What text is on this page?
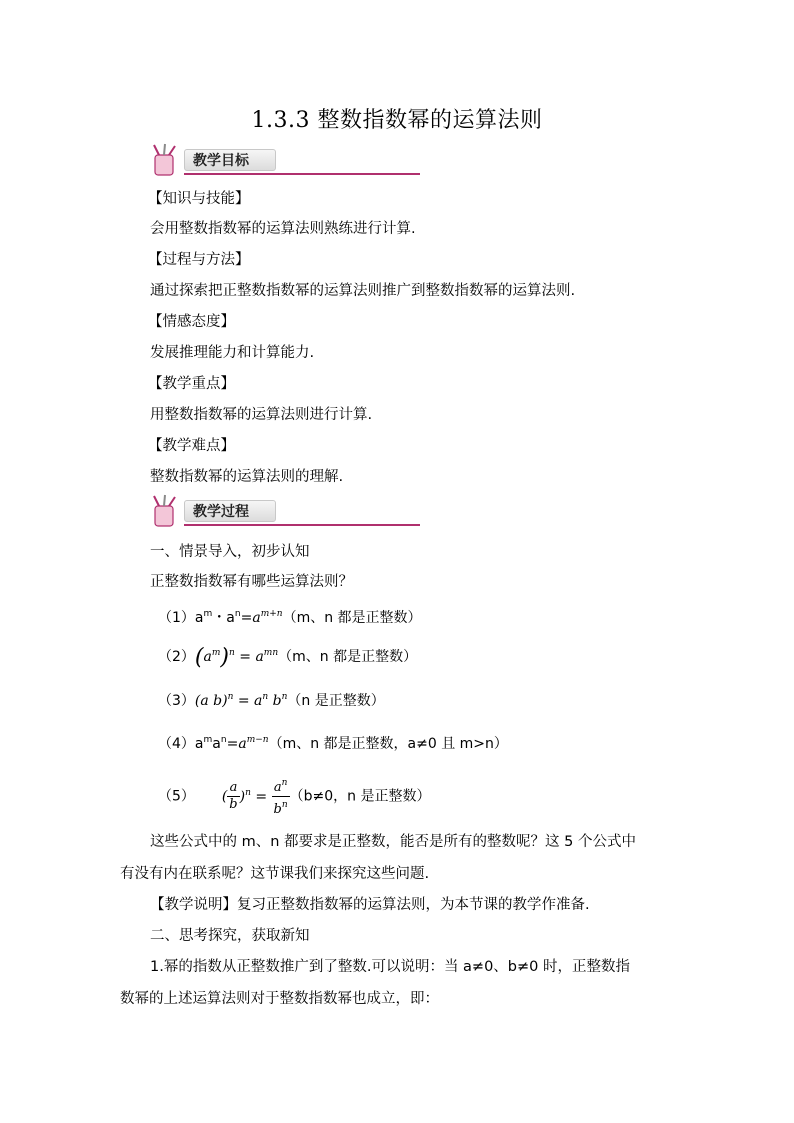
1.3.3 整数指数幂的运算法则
教学目标
【知识与技能】
会用整数指数幂的运算法则熟练进行计算.
【过程与方法】
通过探索把正整数指数幂的运算法则推广到整数指数幂的运算法则.
【情感态度】
发展推理能力和计算能力.
【教学重点】
用整数指数幂的运算法则进行计算.
【教学难点】
整数指数幂的运算法则的理解.
教学过程
一、情景导入，初步认知
正整数指数幂有哪些运算法则？
$(1)a^m$・$a^n=a^{m+n}(m$、n 都是正整数）
$(2)(a^m)^n = a^{mn}(m$、n 都是正整数）
（3）(a $b)^n = a^n$ $b^n(n$ 是正整数）
$(4)a^ma^n=a^{m-n}(m$、n 都是正整数，a≠0 且 m>n）
（5） ( $\frac{a}{b} )^n = \frac{a^n}{b^n} (b\ne 0$，n 是正整数）
这些公式中的 m、n 都要求是正整数，能否是所有的整数呢？这 5 个公式中
有没有内在联系呢？这节课我们来探究这些问题.
【教学说明】复习正整数指数幂的运算法则，为本节课的教学作准备.
二、思考探究，获取新知
1.幂的指数从正整数推广到了整数.可以说明：当 a≠0、b≠0 时，正整数指
数幂的上述运算法则对于整数指数幂也成立，即：
